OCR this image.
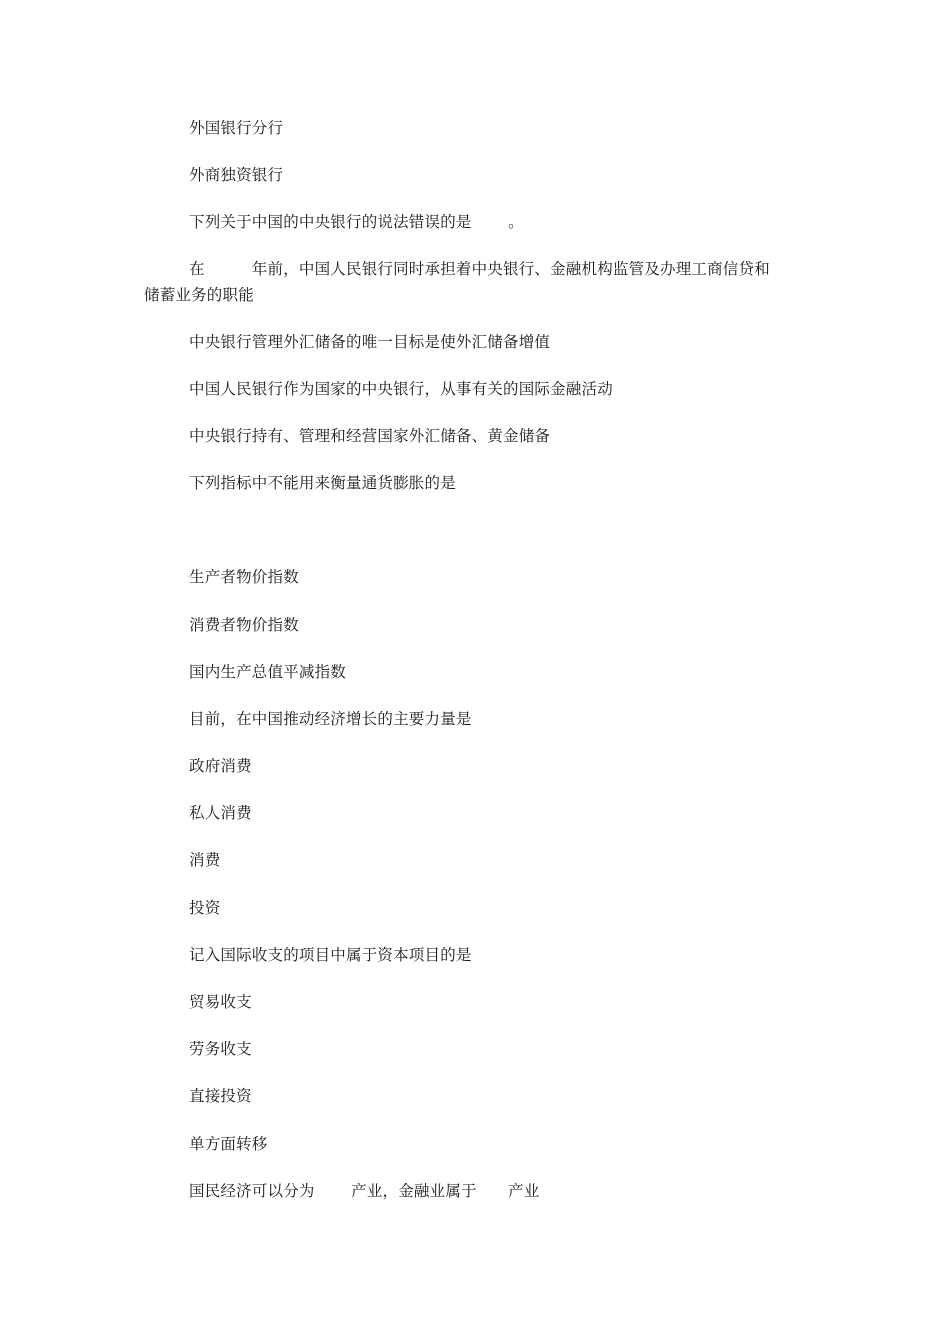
外国银行分行
外商独资银行
下列关于中国的中央银行的说法错误的是　　 。
在　　　年前，中国人民银行同时承担着中央银行、金融机构监管及办理工商信贷和
储蓄业务的职能
中央银行管理外汇储备的唯一目标是使外汇储备增值
中国人民银行作为国家的中央银行，从事有关的国际金融活动
中央银行持有、管理和经营国家外汇储备、黄金储备
下列指标中不能用来衡量通货膨胀的是
生产者物价指数
消费者物价指数
国内生产总值平减指数
目前，在中国推动经济增长的主要力量是
政府消费
私人消费
消费
投资
记入国际收支的项目中属于资本项目的是
贸易收支
劳务收支
直接投资
单方面转移
国民经济可以分为　　 产业，金融业属于　　产业
